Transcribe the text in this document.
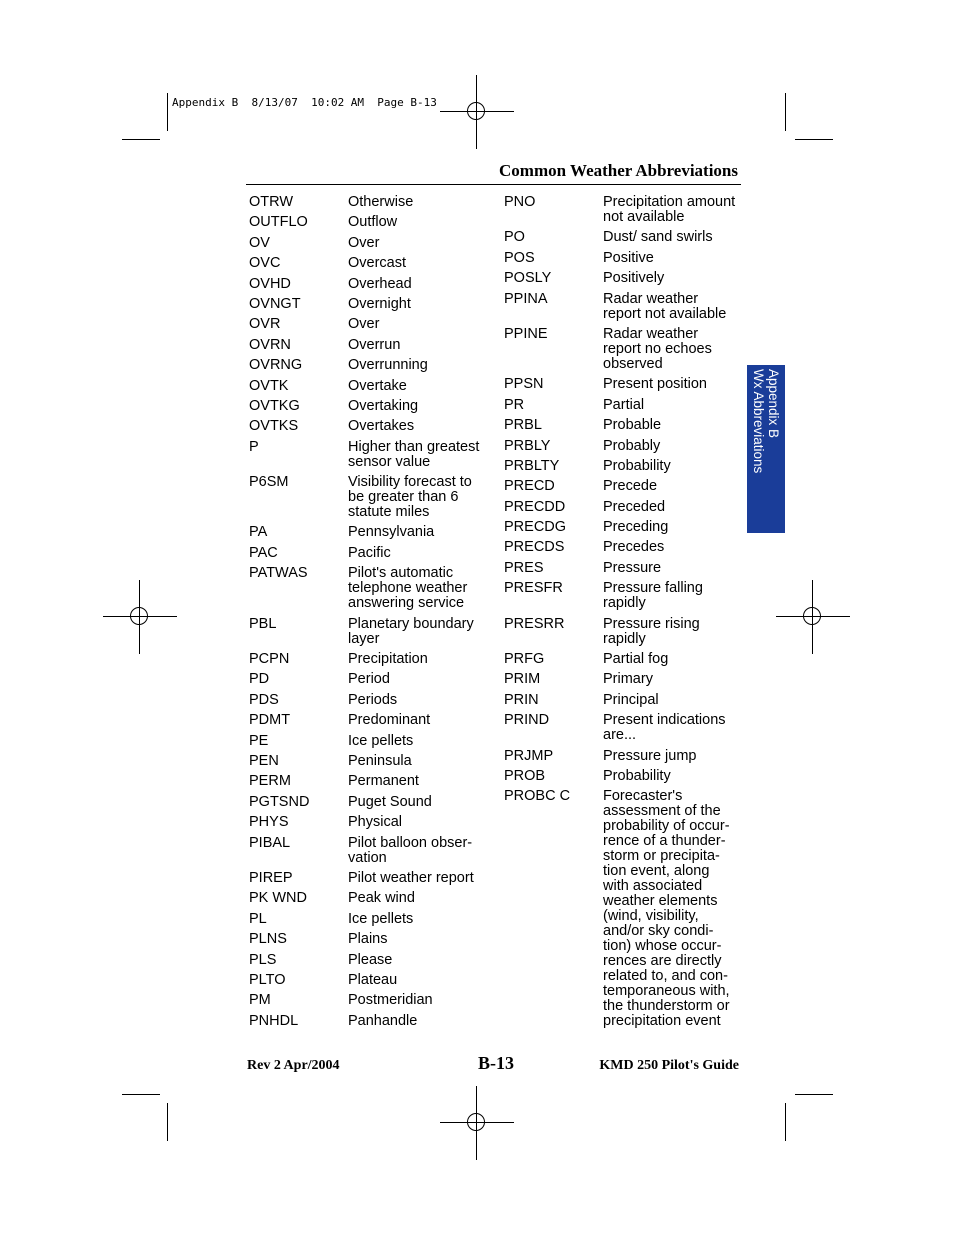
Appendix B  8/13/07  10:02 AM  Page B-13
Common Weather Abbreviations
OTRW	Otherwise
OUTFLO	Outflow
OV	Over
OVC	Overcast
OVHD	Overhead
OVNGT	Overnight
OVR	Over
OVRN	Overrun
OVRNG	Overrunning
OVTK	Overtake
OVTKG	Overtaking
OVTKS	Overtakes
P	Higher than greatest
sensor value
P6SM	Visibility forecast to
be greater than 6
statute miles
PA	Pennsylvania
PAC	Pacific
PATWAS	Pilot's automatic
telephone weather
answering service
PBL	Planetary boundary
layer
PCPN	Precipitation
PD	Period
PDS	Periods
PDMT	Predominant
PE	Ice pellets
PEN	Peninsula
PERM	Permanent
PGTSND	Puget Sound
PHYS	Physical
PIBAL	Pilot balloon obser-
vation
PIREP	Pilot weather report
PK WND	Peak wind
PL	Ice pellets
PLNS	Plains
PLS	Please
PLTO	Plateau
PM	Postmeridian
PNHDL	Panhandle
PNO	Precipitation amount
not available
PO	Dust/ sand swirls
POS	Positive
POSLY	Positively
PPINA	Radar weather
report not available
PPINE	Radar weather
report no echoes
observed
PPSN	Present position
PR	Partial
PRBL	Probable
PRBLY	Probably
PRBLTY	Probability
PRECD	Precede
PRECDD	Preceded
PRECDG	Preceding
PRECDS	Precedes
PRES	Pressure
PRESFR	Pressure falling
rapidly
PRESRR	Pressure rising
rapidly
PRFG	Partial fog
PRIM	Primary
PRIN	Principal
PRIND	Present indications
are...
PRJMP	Pressure jump
PROB	Probability
PROBC C	Forecaster's
assessment of the
probability of occur-
rence of a thunder-
storm or precipita-
tion event, along
with associated
weather elements
(wind, visibility,
and/or sky condi-
tion) whose occur-
rences are directly
related to, and con-
temporaneous with,
the thunderstorm or
precipitation event
Appendix B
Wx Abbreviations
Rev 2 Apr/2004	B-13	KMD 250 Pilot's Guide
